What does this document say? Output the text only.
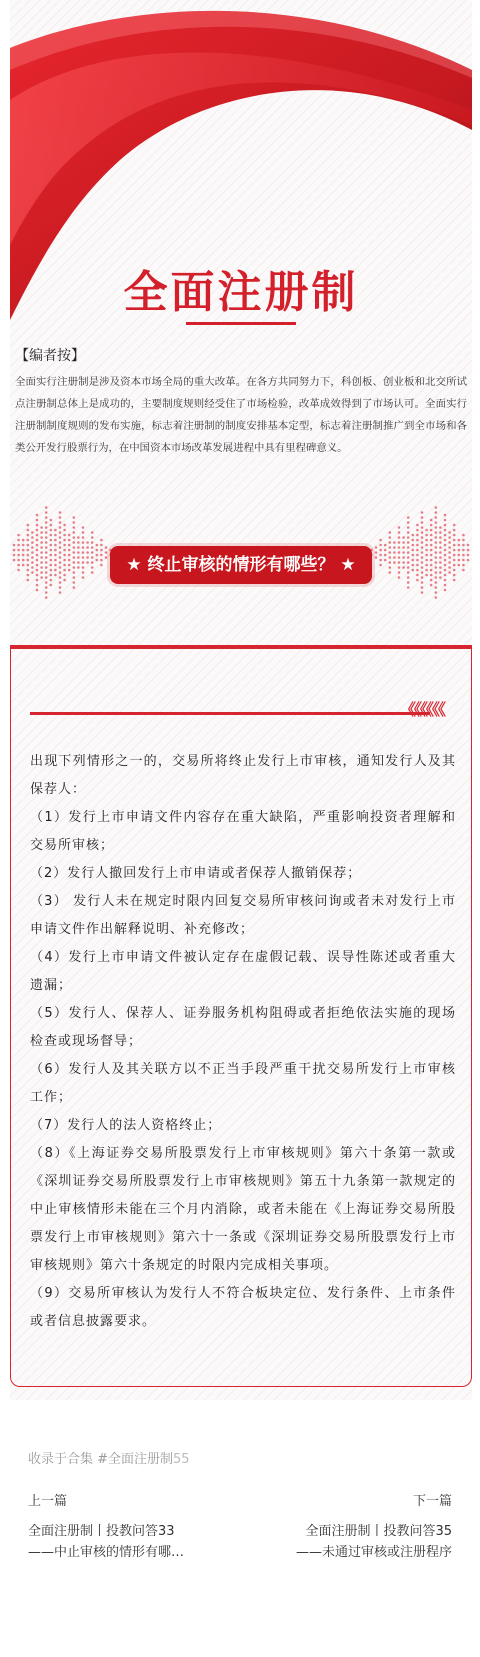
全面注册制
【编者按】
全面实行注册制是涉及资本市场全局的重大改革。在各方共同努力下，科创板、创业板和北交所试点注册制总体上是成功的，主要制度规则经受住了市场检验，改革成效得到了市场认可。全面实行注册制制度规则的发布实施，标志着注册制的制度安排基本定型，标志着注册制推广到全市场和各类公开发行股票行为，在中国资本市场改革发展进程中具有里程碑意义。
★ 终止审核的情形有哪些？ ★
《《《《《《

出现下列情形之一的，交易所将终止发行上市审核，通知发行人及其保荐人：

（1）发行上市申请文件内容存在重大缺陷，严重影响投资者理解和交易所审核；

（2）发行人撤回发行上市申请或者保荐人撤销保荐；

（3） 发行人未在规定时限内回复交易所审核问询或者未对发行上市申请文件作出解释说明、补充修改；

（4）发行上市申请文件被认定存在虚假记载、误导性陈述或者重大遗漏；

（5）发行人、保荐人、证券服务机构阻碍或者拒绝依法实施的现场检查或现场督导；

（6）发行人及其关联方以不正当手段严重干扰交易所发行上市审核工作；

（7）发行人的法人资格终止；

（8）《上海证券交易所股票发行上市审核规则》第六十条第一款或《深圳证券交易所股票发行上市审核规则》第五十九条第一款规定的中止审核情形未能在三个月内消除，或者未能在《上海证券交易所股票发行上市审核规则》第六十一条或《深圳证券交易所股票发行上市审核规则》第六十条规定的时限内完成相关事项。

（9）交易所审核认为发行人不符合板块定位、发行条件、上市条件或者信息披露要求。

收录于合集 #全面注册制55
上一篇
全面注册制丨投教问答33
——中止审核的情形有哪…
下一篇
全面注册制丨投教问答35
——未通过审核或注册程序
